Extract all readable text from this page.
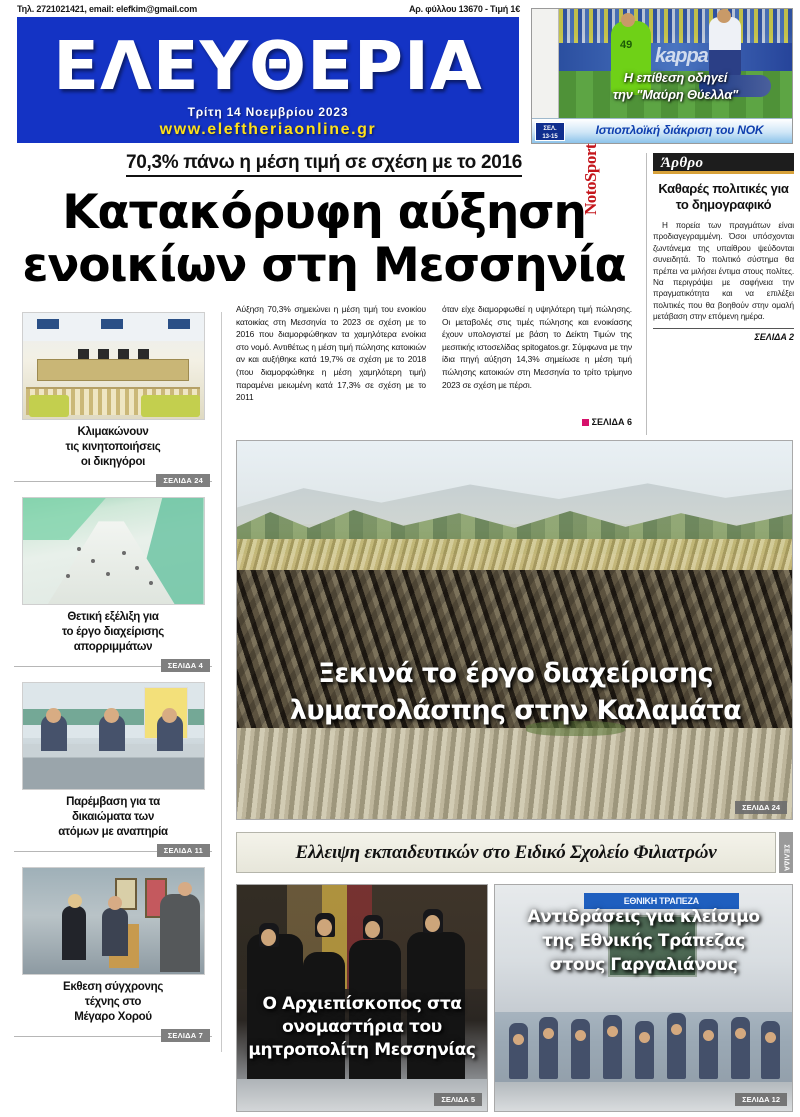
Τηλ. 2721021421, email: elefkim@gmail.com	Αρ. φύλλου 13670 - Τιμή 1€
ΕΛΕΥΘΕΡΙΑ
Τρίτη 14 Νοεμβρίου 2023
www.eleftheriaonline.gr
NotoSport
kappa
49
Η επίθεση οδηγεί
την "Μαύρη Θύελλα"
ΣΕΛ.
13-15	Ιστιοπλοϊκή διάκριση του ΝΟΚ
70,3% πάνω η μέση τιμή σε σχέση με το 2016
Κατακόρυφη αύξηση
ενοικίων στη Μεσσηνία
Άρθρο
Καθαρές πολιτικές για το δημογραφικό
Η πορεία των πραγμάτων είναι προδιαγεγραμμένη. Όσοι υπόσχονται ζωντάνεμα της υπαίθρου ψεύδονται συνειδητά. Το πολιτικό σύστημα θα πρέπει να μιλήσει έντιμα στους πολίτες. Να περιγράψει με σαφήνεια την πραγματικότητα και να επιλέξει πολιτικές που θα βοηθούν στην ομαλή μετάβαση στην επόμενη ημέρα.
ΣΕΛΙΔΑ 2
Αύξηση 70,3% σημειώνει η μέση τιμή του ενοικίου κατοικίας στη Μεσσηνία το 2023 σε σχέση με το 2016 που διαμορφώθηκαν τα χαμηλότερα ενοίκια στο νομό. Αντιθέτως η μέση τιμή πώλησης κατοικιών αν και αυξήθηκε κατά 19,7% σε σχέση με το 2018 (που διαμορφώθηκε η μέση χαμηλότερη τιμή) παραμένει μειωμένη κατά 17,3% σε σχέση με το 2011
όταν είχε διαμορφωθεί η υψηλότερη τιμή πώλησης. Οι μεταβολές στις τιμές πώλησης και ενοικίασης έχουν υπολογιστεί με βάση το Δείκτη Τιμών της μεσιτικής ιστοσελίδας spitogatos.gr. Σύμφωνα με την ίδια πηγή αύξηση 14,3% σημείωσε η μέση τιμή πώλησης κατοικιών στη Μεσσηνία το τρίτο τρίμηνο 2023 σε σχέση με πέρσι.
ΣΕΛΙΔΑ 6
Κλιμακώνουν
τις κινητοποιήσεις
οι δικηγόροι
ΣΕΛΙΔΑ 24
Θετική εξέλιξη για
το έργο διαχείρισης
απορριμμάτων
ΣΕΛΙΔΑ 4
Παρέμβαση για τα
δικαιώματα των
ατόμων με αναπηρία
ΣΕΛΙΔΑ 11
Εκθεση σύγχρονης
τέχνης στο
Μέγαρο Χορού
ΣΕΛΙΔΑ 7
Ξεκινά το έργο διαχείρισης
λυματολάσπης στην Καλαμάτα
ΣΕΛΙΔΑ 24
Ελλειψη εκπαιδευτικών στο Ειδικό Σχολείο Φιλιατρών	ΣΕΛΙΔΑ 12
Ο Αρχιεπίσκοπος στα
ονομαστήρια του
μητροπολίτη Μεσσηνίας
ΣΕΛΙΔΑ 5
ΕΘΝΙΚΗ ΤΡΑΠΕΖΑ
Αντιδράσεις για κλείσιμο
της Εθνικής Τράπεζας
στους Γαργαλιάνους
ΣΕΛΙΔΑ 12
